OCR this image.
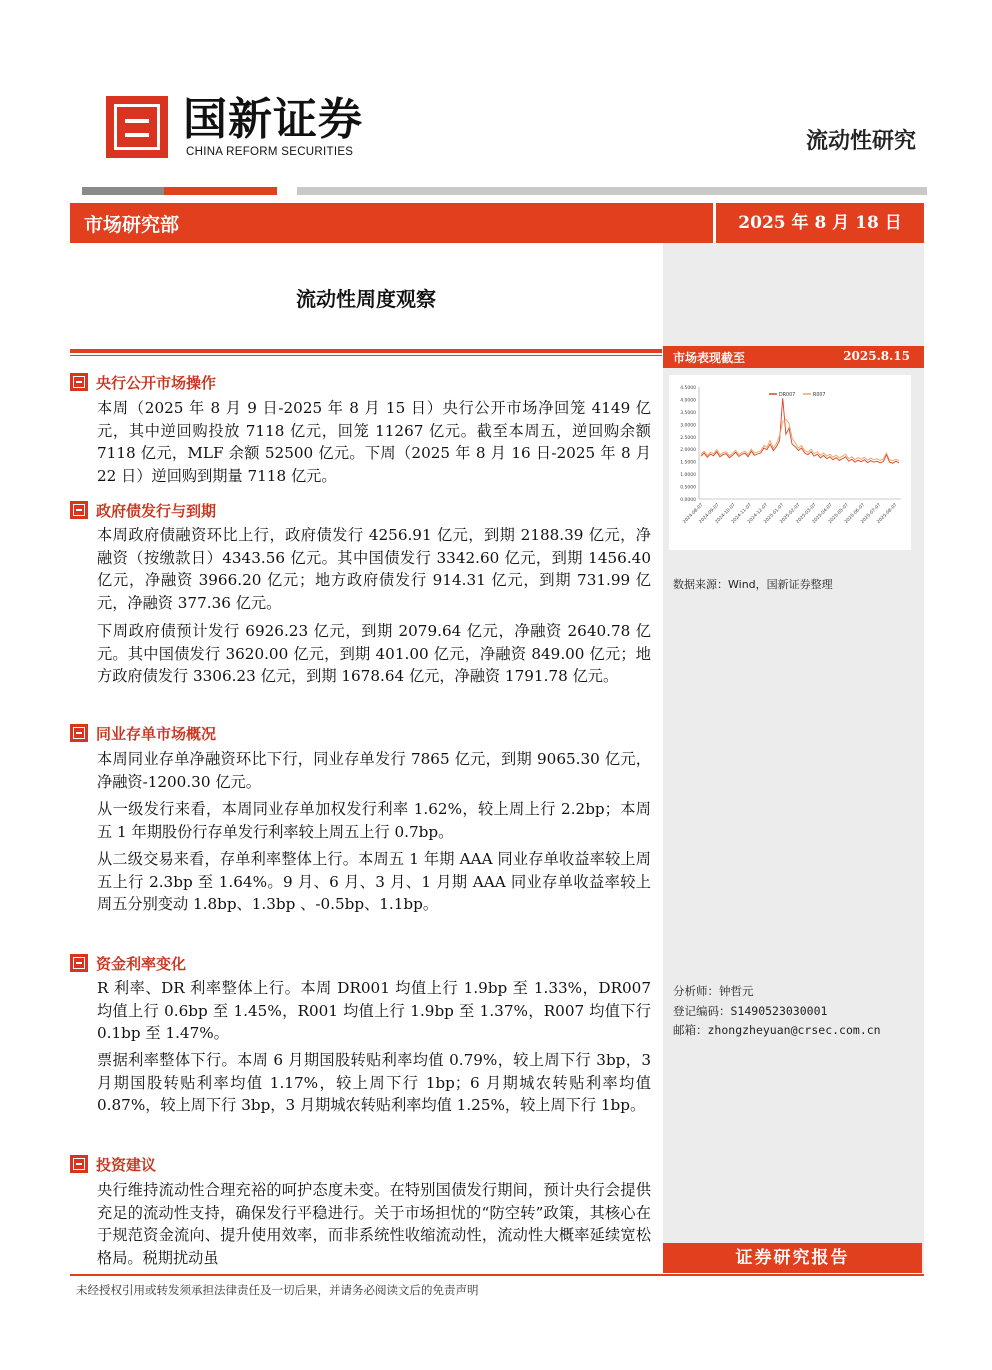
国新证券
CHINA REFORM SECURITIES	流动性研究
市场研究部	2025 年 8 月 18 日
流动性周度观察
央行公开市场操作
本周（2025 年 8 月 9 日-2025 年 8 月 15 日）央行公开市场净回笼 4149 亿元，其中逆回购投放 7118 亿元，回笼 11267 亿元。截至本周五，逆回购余额 7118 亿元，MLF 余额 52500 亿元。下周（2025 年 8 月 16 日-2025 年 8 月 22 日）逆回购到期量 7118 亿元。
政府债发行与到期
本周政府债融资环比上行，政府债发行 4256.91 亿元，到期 2188.39 亿元，净融资（按缴款日）4343.56 亿元。其中国债发行 3342.60 亿元，到期 1456.40 亿元，净融资 3966.20 亿元；地方政府债发行 914.31 亿元，到期 731.99 亿元，净融资 377.36 亿元。
下周政府债预计发行 6926.23 亿元，到期 2079.64 亿元，净融资 2640.78 亿元。其中国债发行 3620.00 亿元，到期 401.00 亿元，净融资 849.00 亿元；地方政府债发行 3306.23 亿元，到期 1678.64 亿元，净融资 1791.78 亿元。
同业存单市场概况
本周同业存单净融资环比下行，同业存单发行 7865 亿元，到期 9065.30 亿元，净融资-1200.30 亿元。
从一级发行来看，本周同业存单加权发行利率 1.62%，较上周上行 2.2bp；本周五 1 年期股份行存单发行利率较上周五上行 0.7bp。
从二级交易来看，存单利率整体上行。本周五 1 年期 AAA 同业存单收益率较上周五上行 2.3bp 至 1.64%。9 月、6 月、3 月、1 月期 AAA 同业存单收益率较上周五分别变动 1.8bp、1.3bp 、-0.5bp、1.1bp。
资金利率变化
R 利率、DR 利率整体上行。本周 DR001 均值上行 1.9bp 至 1.33%，DR007 均值上行 0.6bp 至 1.45%，R001 均值上行 1.9bp 至 1.37%，R007 均值下行 0.1bp 至 1.47%。
票据利率整体下行。本周 6 月期国股转贴利率均值 0.79%，较上周下行 3bp，3 月期国股转贴利率均值 1.17%，较上周下行 1bp；6 月期城农转贴利率均值 0.87%，较上周下行 3bp，3 月期城农转贴利率均值 1.25%，较上周下行 1bp。
投资建议
央行维持流动性合理充裕的呵护态度未变。在特别国债发行期间，预计央行会提供充足的流动性支持，确保发行平稳进行。关于市场担忧的“防空转”政策，其核心在于规范资金流向、提升使用效率，而非系统性收缩流动性，流动性大概率延续宽松格局。税期扰动虽
市场表现截至	2025.8.15
4.5000
4.0000
3.5000
3.0000
2.5000
2.0000
1.5000
1.0000
0.5000
0.0000
2024-08-07
2024-09-07
2024-10-07
2024-11-07
2024-12-07
2025-01-07
2025-02-07
2025-03-07
2025-04-07
2025-05-07
2025-06-07
2025-07-07
2025-08-07
DR007	R007
数据来源：Wind，国新证券整理
分析师：钟哲元
登记编码：S1490523030001
邮箱：zhongzheyuan@crsec.com.cn
证券研究报告
未经授权引用或转发须承担法律责任及一切后果，并请务必阅读文后的免责声明
